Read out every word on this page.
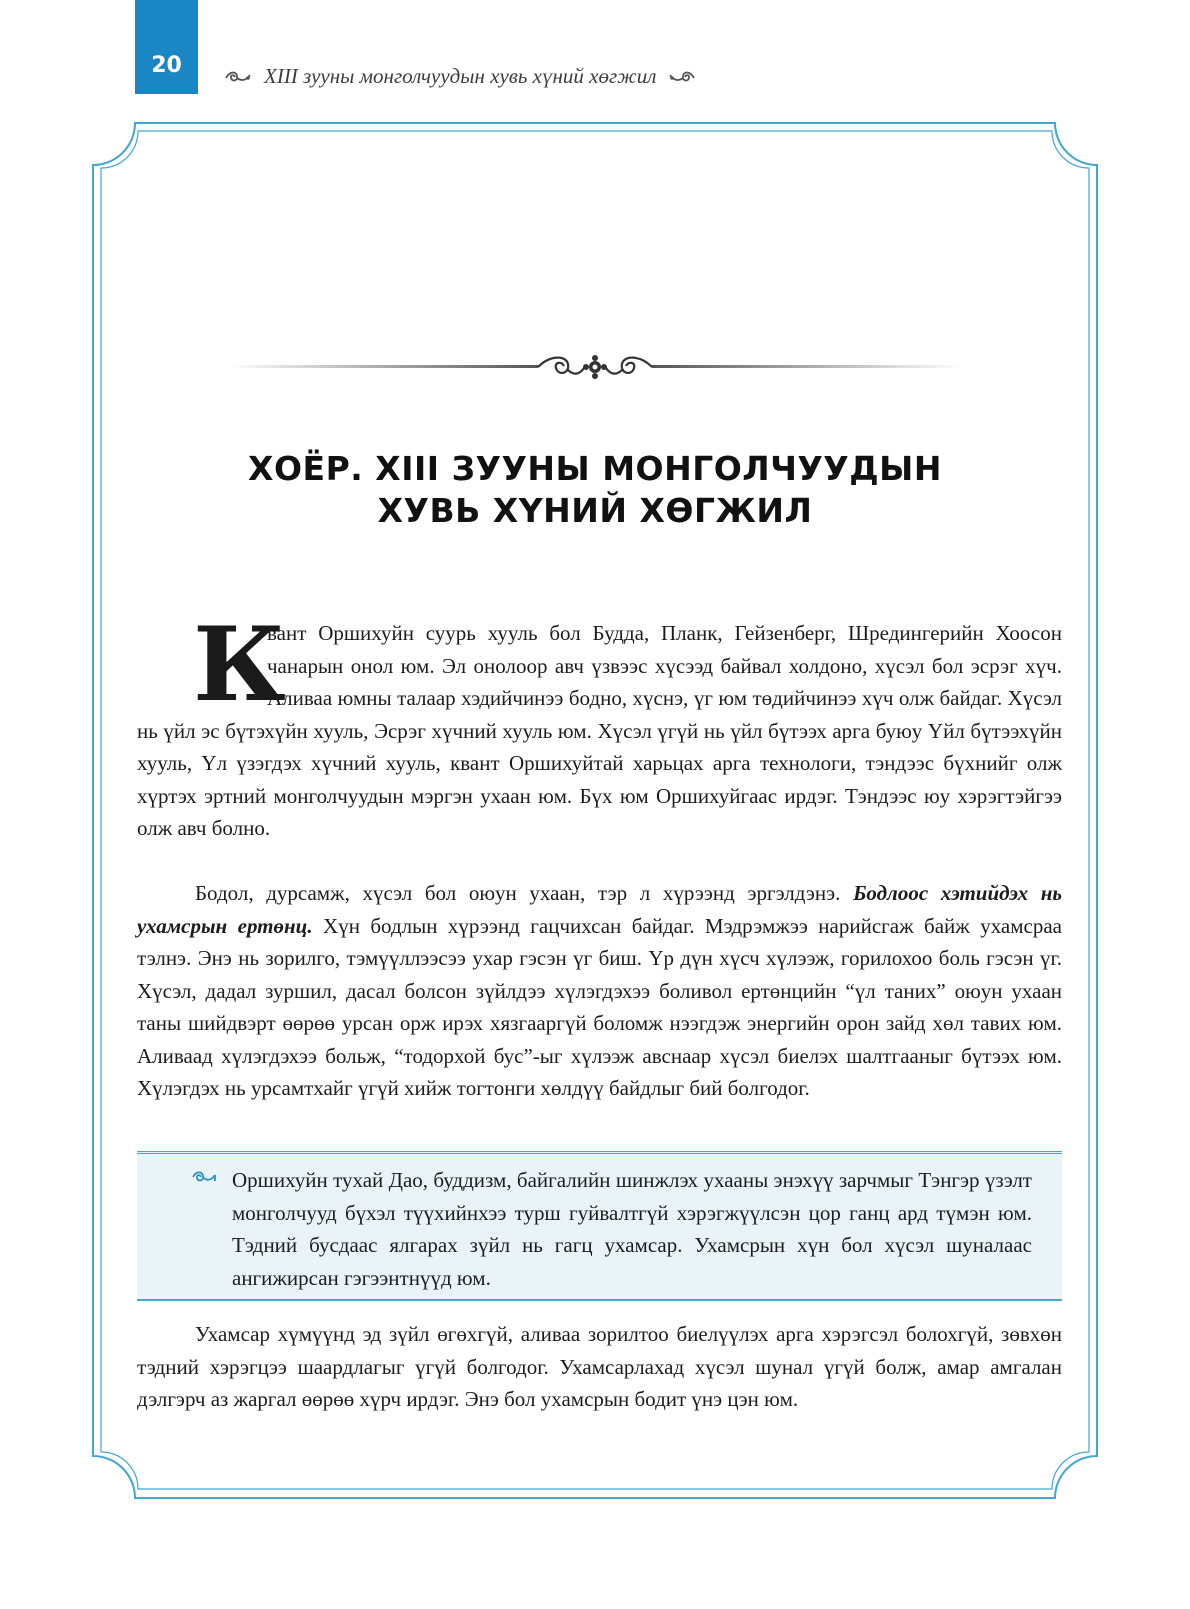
20	XIII зууны монголчуудын хувь хүний хөгжил
ХОЁР. XIII ЗУУНЫ МОНГОЛЧУУДЫН
ХУВЬ ХҮНИЙ ХӨГЖИЛ
К
вант Оршихуйн суурь хууль бол Будда, Планк, Гейзенберг, Шредингерийн Хоосон чанарын онол юм. Эл онолоор авч үзвээс хүсээд байвал холдоно, хүсэл бол эсрэг хүч. Аливаа юмны талаар хэдийчинээ бодно, хүснэ, үг юм төдийчинээ хүч олж байдаг. Хүсэл нь үйл эс бүтэхүйн хууль, Эсрэг хүчний хууль юм. Хүсэл үгүй нь үйл бүтээх арга буюу Үйл бүтээхүйн хууль, Үл үзэгдэх хүчний хууль, квант Оршихуйтай харьцах арга технологи, тэндээс бүхнийг олж хүртэх эртний монголчуудын мэргэн ухаан юм. Бүх юм Оршихуйгаас ирдэг. Тэндээс юу хэрэгтэйгээ олж авч болно.
Бодол, дурсамж, хүсэл бол оюун ухаан, тэр л хүрээнд эргэлдэнэ. Бодлоос хэтийдэх нь ухамсрын ертөнц. Хүн бодлын хүрээнд гацчихсан байдаг. Мэдрэмжээ нарийсгаж байж ухамсраа тэлнэ. Энэ нь зорилго, тэмүүллээсээ ухар гэсэн үг биш. Үр дүн хүсч хүлээж, горилохоо боль гэсэн үг. Хүсэл, дадал зуршил, дасал болсон зүйлдээ хүлэгдэхээ боливол ертөнцийн “үл таних” оюун ухаан таны шийдвэрт өөрөө урсан орж ирэх хязгааргүй боломж нээгдэж энергийн орон зайд хөл тавих юм. Аливаад хүлэгдэхээ больж, “тодорхой бус”-ыг хүлээж авснаар хүсэл биелэх шалтгааныг бүтээх юм. Хүлэгдэх нь урсамтхайг үгүй хийж тогтонги хөлдүү байдлыг бий болгодог.
Оршихуйн тухай Дао, буддизм, байгалийн шинжлэх ухааны энэхүү зарчмыг Тэнгэр үзэлт монголчууд бүхэл түүхийнхээ турш гуйвалтгүй хэрэгжүүлсэн цор ганц ард түмэн юм. Тэдний бусдаас ялгарах зүйл нь гагц ухамсар. Ухамсрын хүн бол хүсэл шуналаас ангижирсан гэгээнтнүүд юм.
Ухамсар хүмүүнд эд зүйл өгөхгүй, аливаа зорилтоо биелүүлэх арга хэрэгсэл болохгүй, зөвхөн тэдний хэрэгцээ шаардлагыг үгүй болгодог. Ухамсарлахад хүсэл шунал үгүй болж, амар амгалан дэлгэрч аз жаргал өөрөө хүрч ирдэг. Энэ бол ухамсрын бодит үнэ цэн юм.
